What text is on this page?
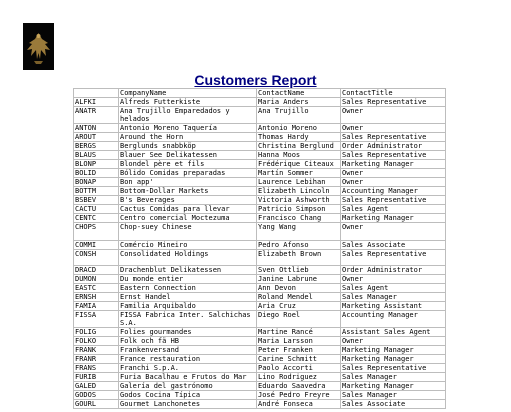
Customers Report
	CompanyName	ContactName	ContactTitle
ALFKI	Alfreds Futterkiste	Maria Anders	Sales Representative
ANATR	Ana Trujillo Emparedados y helados	Ana Trujillo	Owner
ANTON	Antonio Moreno Taquería	Antonio Moreno	Owner
AROUT	Around the Horn	Thomas Hardy	Sales Representative
BERGS	Berglunds snabbköp	Christina Berglund	Order Administrator
BLAUS	Blauer See Delikatessen	Hanna Moos	Sales Representative
BLONP	Blondel père et fils	Frédérique Citeaux	Marketing Manager
BOLID	Bólido Comidas preparadas	Martín Sommer	Owner
BONAP	Bon app'	Laurence Lebihan	Owner
BOTTM	Bottom-Dollar Markets	Elizabeth Lincoln	Accounting Manager
BSBEV	B's Beverages	Victoria Ashworth	Sales Representative
CACTU	Cactus Comidas para llevar	Patricio Simpson	Sales Agent
CENTC	Centro comercial Moctezuma	Francisco Chang	Marketing Manager
CHOPS	Chop-suey Chinese	Yang Wang	Owner
COMMI	Comércio Mineiro	Pedro Afonso	Sales Associate
CONSH	Consolidated Holdings	Elizabeth Brown	Sales Representative
DRACD	Drachenblut Delikatessen	Sven Ottlieb	Order Administrator
DUMON	Du monde entier	Janine Labrune	Owner
EASTC	Eastern Connection	Ann Devon	Sales Agent
ERNSH	Ernst Handel	Roland Mendel	Sales Manager
FAMIA	Familia Arquibaldo	Aria Cruz	Marketing Assistant
FISSA	FISSA Fabrica Inter. Salchichas S.A.	Diego Roel	Accounting Manager
FOLIG	Folies gourmandes	Martine Rancé	Assistant Sales Agent
FOLKO	Folk och fä HB	Maria Larsson	Owner
FRANK	Frankenversand	Peter Franken	Marketing Manager
FRANR	France restauration	Carine Schmitt	Marketing Manager
FRANS	Franchi S.p.A.	Paolo Accorti	Sales Representative
FURIB	Furia Bacalhau e Frutos do Mar	Lino Rodriguez	Sales Manager
GALED	Galería del gastrónomo	Eduardo Saavedra	Marketing Manager
GODOS	Godos Cocina Típica	José Pedro Freyre	Sales Manager
GOURL	Gourmet Lanchonetes	André Fonseca	Sales Associate
